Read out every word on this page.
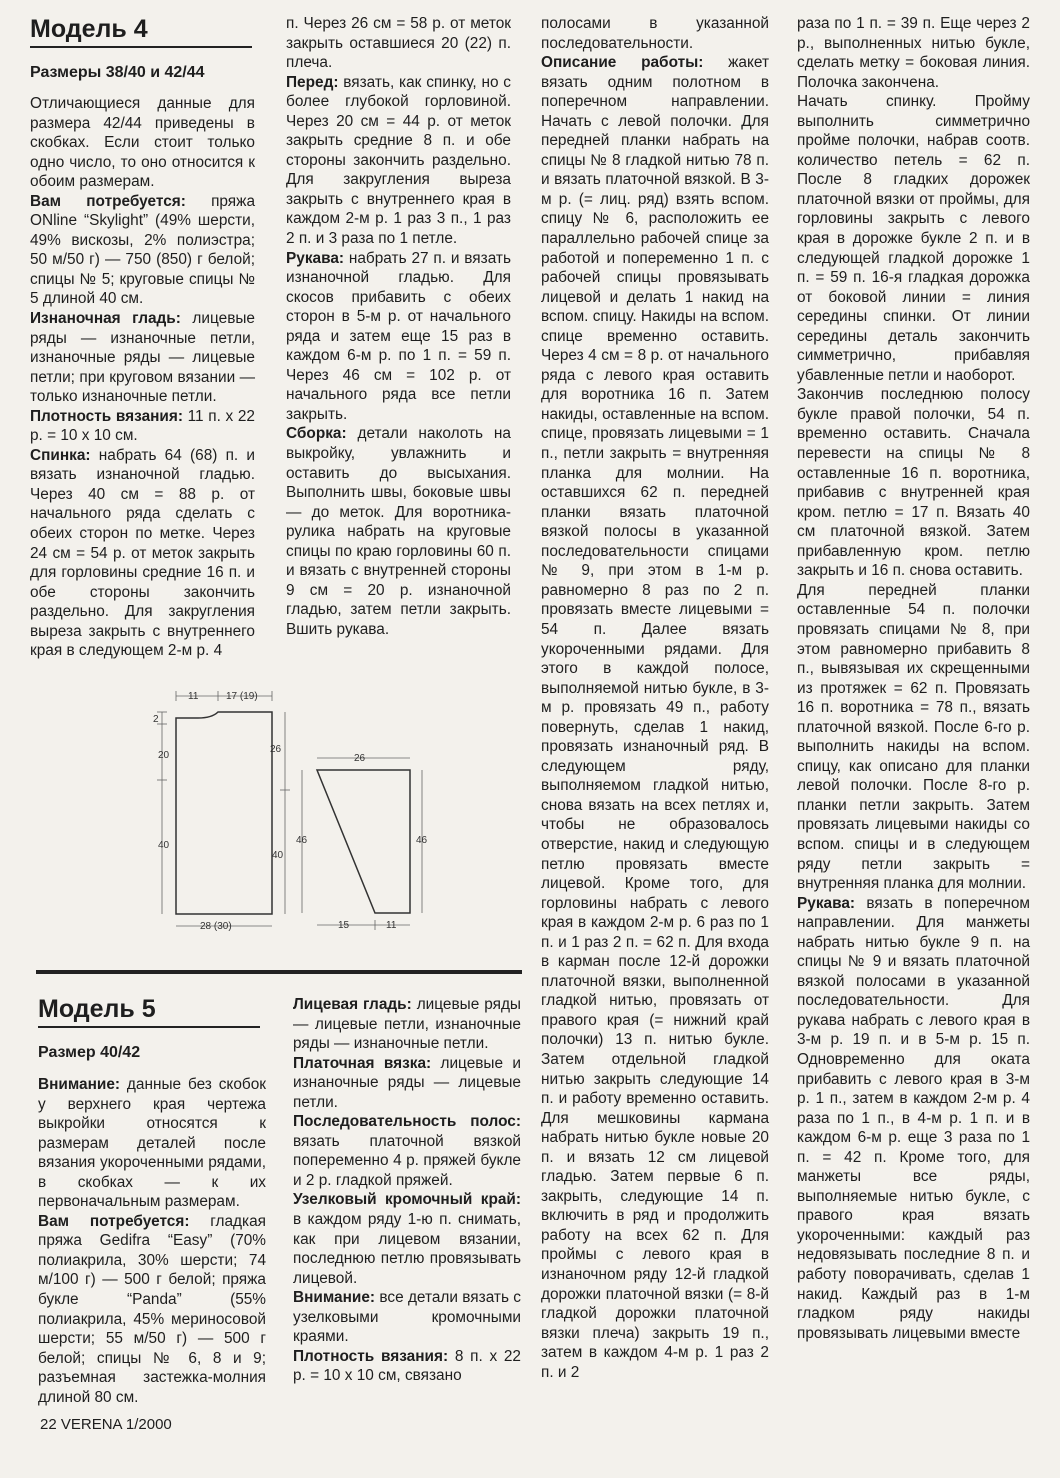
Модель 4
Размеры 38/40 и 42/44

Отличающиеся данные для размера 42/44 приведены в скобках. Если стоит только одно число, то оно относится к обоим размерам.

Вам потребуется: пряжа ONline “Skylight” (49% шерсти, 49% вискозы, 2% полиэстра; 50 м/50 г) — 750 (850) г белой; спицы № 5; круговые спицы № 5 длиной 40 см.

Изнаночная гладь: лицевые ряды — изнаночные петли, изнаночные ряды — лицевые петли; при круговом вязании — только изнаночные петли.

Плотность вязания: 11 п. х 22 р. = 10 х 10 см.

Спинка: набрать 64 (68) п. и вязать изнаночной гладью. Через 40 см = 88 р. от начального ряда сделать с обеих сторон по метке. Через 24 см = 54 р. от меток закрыть для горловины средние 16 п. и обе стороны закончить раздельно. Для закругления выреза закрыть с внутреннего края в следующем 2-м р. 4

п. Через 26 см = 58 р. от меток закрыть оставшиеся 20 (22) п. плеча.

Перед: вязать, как спинку, но с более глубокой горловиной. Через 20 см = 44 р. от меток закрыть средние 8 п. и обе стороны закончить раздельно. Для закругления выреза закрыть с внутреннего края в каждом 2-м р. 1 раз 3 п., 1 раз 2 п. и 3 раза по 1 петле.

Рукава: набрать 27 п. и вязать изнаночной гладью. Для скосов прибавить с обеих сторон в 5-м р. от начального ряда и затем еще 15 раз в каждом 6-м р. по 1 п. = 59 п. Через 46 см = 102 р. от начального ряда все петли закрыть.

Сборка: детали наколоть на выкройку, увлажнить и оставить до высыхания. Выполнить швы, боковые швы — до меток. Для воротника-рулика набрать на круговые спицы по краю горловины 60 п. и вязать с внутренней стороны 9 см = 20 р. изнаночной гладью, затем петли закрыть. Вшить рукава.

11	17 (19)
2
20
40
26
40
28 (30)
26
46	46
15	11
Модель 5
Размер 40/42

Внимание: данные без скобок у верхнего края чертежа выкройки относятся к размерам деталей после вязания укороченными рядами, в скобках — к их первоначальным размерам.

Вам потребуется: гладкая пряжа Gedifra “Easy” (70% полиакрила, 30% шерсти; 74 м/100 г) — 500 г белой; пряжа букле “Panda” (55% полиакрила, 45% мериносовой шерсти; 55 м/50 г) — 500 г белой; спицы № 6, 8 и 9; разъемная застежка-молния длиной 80 см.

Лицевая гладь: лицевые ряды — лицевые петли, изнаночные ряды — изнаночные петли.

Платочная вязка: лицевые и изнаночные ряды — лицевые петли.

Последовательность полос: вязать платочной вязкой попеременно 4 р. пряжей букле и 2 р. гладкой пряжей.

Узелковый кромочный край: в каждом ряду 1-ю п. снимать, как при лицевом вязании, последнюю петлю провязывать лицевой.

Внимание: все детали вязать с узелковыми кромочными краями.

Плотность вязания: 8 п. х 22 р. = 10 х 10 см, связано

полосами в указанной последовательности.

Описание работы: жакет вязать одним полотном в поперечном направлении. Начать с левой полочки. Для передней планки набрать на спицы № 8 гладкой нитью 78 п. и вязать платочной вязкой. В 3-м р. (= лиц. ряд) взять вспом. спицу № 6, расположить ее параллельно рабочей спице за работой и попеременно 1 п. с рабочей спицы провязывать лицевой и делать 1 накид на вспом. спицу. Накиды на вспом. спице временно оставить. Через 4 см = 8 р. от начального ряда с левого края оставить для воротника 16 п. Затем накиды, оставленные на вспом. спице, провязать лицевыми = 1 п., петли закрыть = внутренняя планка для молнии. На оставшихся 62 п. передней планки вязать платочной вязкой полосы в указанной последовательности спицами № 9, при этом в 1-м р. равномерно 8 раз по 2 п. провязать вместе лицевыми = 54 п. Далее вязать укороченными рядами. Для этого в каждой полосе, выполняемой нитью букле, в 3-м р. провязать 49 п., работу повернуть, сделав 1 накид, провязать изнаночный ряд. В следующем ряду, выполняемом гладкой нитью, снова вязать на всех петлях и, чтобы не образовалось отверстие, накид и следующую петлю провязать вместе лицевой. Кроме того, для горловины набрать с левого края в каждом 2-м р. 6 раз по 1 п. и 1 раз 2 п. = 62 п. Для входа в карман после 12-й дорожки платочной вязки, выполненной гладкой нитью, провязать от правого края (= нижний край полочки) 13 п. нитью букле. Затем отдельной гладкой нитью закрыть следующие 14 п. и работу временно оставить. Для мешковины кармана набрать нитью букле новые 20 п. и вязать 12 см лицевой гладью. Затем первые 6 п. закрыть, следующие 14 п. включить в ряд и продолжить работу на всех 62 п. Для проймы с левого края в изнаночном ряду 12-й гладкой дорожки платочной вязки (= 8-й гладкой дорожки платочной вязки плеча) закрыть 19 п., затем в каждом 4-м р. 1 раз 2 п. и 2

раза по 1 п. = 39 п. Еще через 2 р., выполненных нитью букле, сделать метку = боковая линия. Полочка закончена.

Начать спинку. Пройму выполнить симметрично пройме полочки, набрав соотв. количество петель = 62 п. После 8 гладких дорожек платочной вязки от проймы, для горловины закрыть с левого края в дорожке букле 2 п. и в следующей гладкой дорожке 1 п. = 59 п. 16-я гладкая дорожка от боковой линии = линия середины спинки. От линии середины деталь закончить симметрично, прибавляя убавленные петли и наоборот.

Закончив последнюю полосу букле правой полочки, 54 п. временно оставить. Сначала перевести на спицы № 8 оставленные 16 п. воротника, прибавив с внутренней края кром. петлю = 17 п. Вязать 40 см платочной вязкой. Затем прибавленную кром. петлю закрыть и 16 п. снова оставить.

Для передней планки оставленные 54 п. полочки провязать спицами № 8, при этом равномерно прибавить 8 п., вывязывая их скрещенными из протяжек = 62 п. Провязать 16 п. воротника = 78 п., вязать платочной вязкой. После 6-го р. выполнить накиды на вспом. спицу, как описано для планки левой полочки. После 8-го р. планки петли закрыть. Затем провязать лицевыми накиды со вспом. спицы и в следующем ряду петли закрыть = внутренняя планка для молнии.

Рукава: вязать в поперечном направлении. Для манжеты набрать нитью букле 9 п. на спицы № 9 и вязать платочной вязкой полосами в указанной последовательности. Для рукава набрать с левого края в 3-м р. 19 п. и в 5-м р. 15 п. Одновременно для оката прибавить с левого края в 3-м р. 1 п., затем в каждом 2-м р. 4 раза по 1 п., в 4-м р. 1 п. и в каждом 6-м р. еще 3 раза по 1 п. = 42 п. Кроме того, для манжеты все ряды, выполняемые нитью букле, с правого края вязать укороченными: каждый раз недовязывать последние 8 п. и работу поворачивать, сделав 1 накид. Каждый раз в 1-м гладком ряду накиды провязывать лицевыми вместе

22 VERENA 1/2000
